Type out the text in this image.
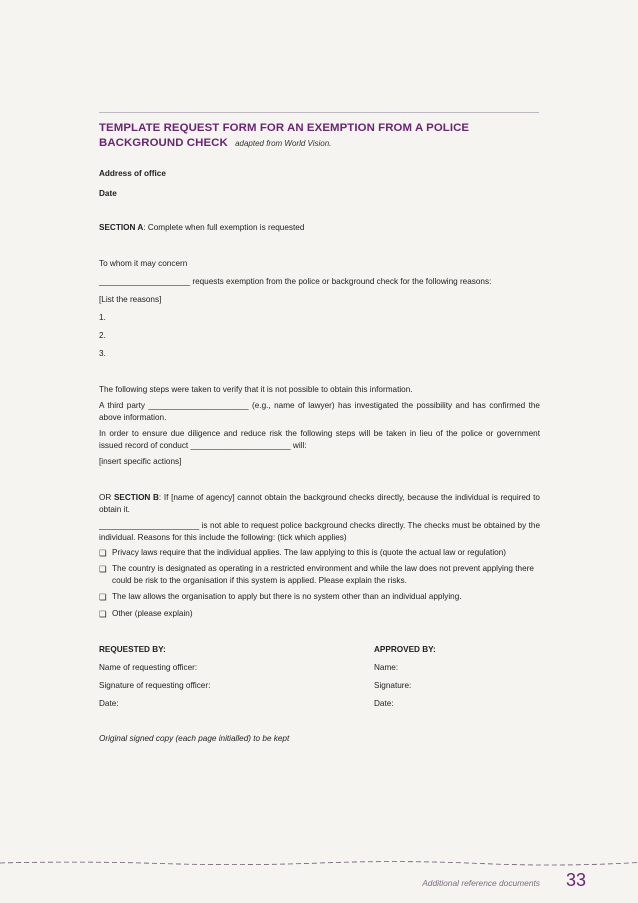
TEMPLATE REQUEST FORM FOR AN EXEMPTION FROM A POLICE BACKGROUND CHECK adapted from World Vision.

Address of office

Date

SECTION A: Complete when full exemption is requested

To whom it may concern

____________________ requests exemption from the police or background check for the following reasons:

[List the reasons]

1.

2.

3.

The following steps were taken to verify that it is not possible to obtain this information.

A third party ______________________ (e.g., name of lawyer) has investigated the possibility and has confirmed the above information.

In order to ensure due diligence and reduce risk the following steps will be taken in lieu of the police or government issued record of conduct ______________________ will:

[insert specific actions]

OR SECTION B: If [name of agency] cannot obtain the background checks directly, because the individual is required to obtain it.

______________________ is not able to request police background checks directly. The checks must be obtained by the individual. Reasons for this include the following: (tick which applies)

❏ Privacy laws require that the individual applies. The law applying to this is (quote the actual law or regulation)

❏ The country is designated as operating in a restricted environment and while the law does not prevent applying there could be risk to the organisation if this system is applied. Please explain the risks.

❏ The law allows the organisation to apply but there is no system other than an individual applying.

❏ Other (please explain)

REQUESTED BY:	APPROVED BY:
Name of requesting officer:	Name:
Signature of requesting officer:	Signature:
Date:	Date:

Original signed copy (each page initialled) to be kept

Additional reference documents 33
